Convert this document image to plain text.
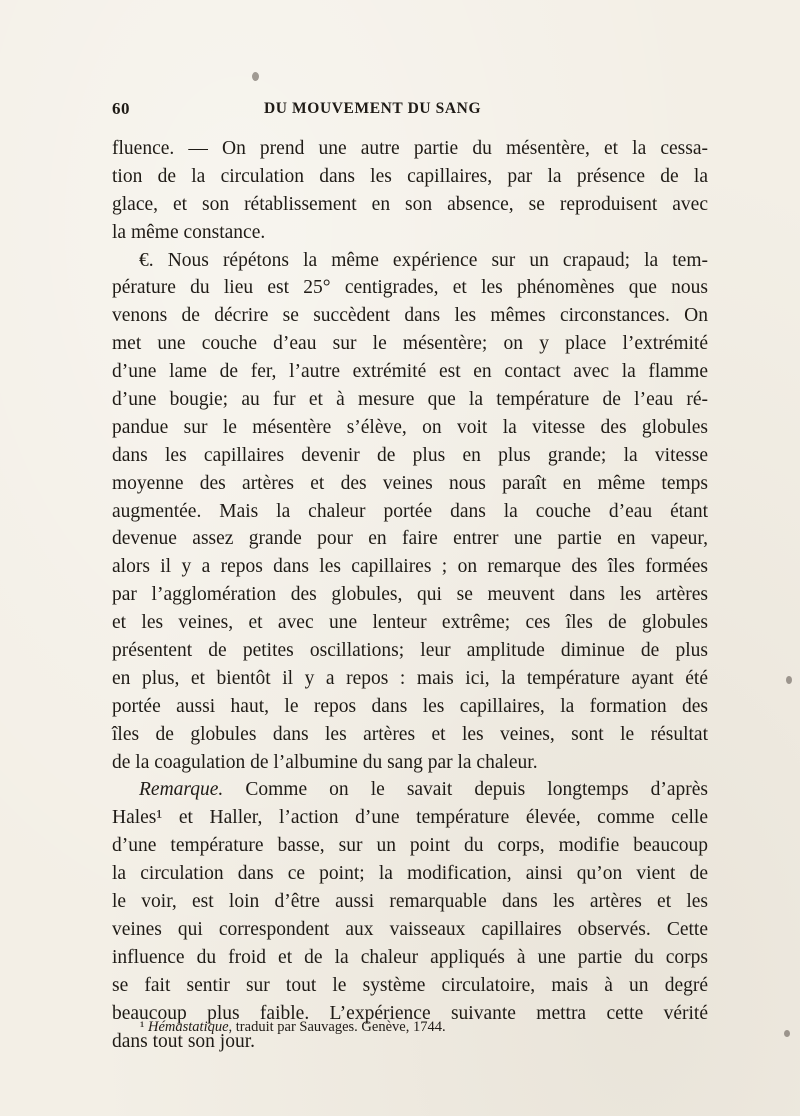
60	DU MOUVEMENT DU SANG
fluence. — On prend une autre partie du mésentère, et la cessa-
tion de la circulation dans les capillaires, par la présence de la
glace, et son rétablissement en son absence, se reproduisent avec
la même constance.
€. Nous répétons la même expérience sur un crapaud; la tem-
pérature du lieu est 25° centigrades, et les phénomènes que nous
venons de décrire se succèdent dans les mêmes circonstances. On
met une couche d’eau sur le mésentère; on y place l’extrémité
d’une lame de fer, l’autre extrémité est en contact avec la flamme
d’une bougie; au fur et à mesure que la température de l’eau ré-
pandue sur le mésentère s’élève, on voit la vitesse des globules
dans les capillaires devenir de plus en plus grande; la vitesse
moyenne des artères et des veines nous paraît en même temps
augmentée. Mais la chaleur portée dans la couche d’eau étant
devenue assez grande pour en faire entrer une partie en vapeur,
alors il y a repos dans les capillaires ; on remarque des îles formées
par l’agglomération des globules, qui se meuvent dans les artères
et les veines, et avec une lenteur extrême; ces îles de globules
présentent de petites oscillations; leur amplitude diminue de plus
en plus, et bientôt il y a repos : mais ici, la température ayant été
portée aussi haut, le repos dans les capillaires, la formation des
îles de globules dans les artères et les veines, sont le résultat
de la coagulation de l’albumine du sang par la chaleur.
Remarque. Comme on le savait depuis longtemps d’après
Hales¹ et Haller, l’action d’une température élevée, comme celle
d’une température basse, sur un point du corps, modifie beaucoup
la circulation dans ce point; la modification, ainsi qu’on vient de
le voir, est loin d’être aussi remarquable dans les artères et les
veines qui correspondent aux vaisseaux capillaires observés. Cette
influence du froid et de la chaleur appliqués à une partie du corps
se fait sentir sur tout le système circulatoire, mais à un degré
beaucoup plus faible. L’expérience suivante mettra cette vérité
dans tout son jour.
¹ Hémastatique, traduit par Sauvages. Genève, 1744.
